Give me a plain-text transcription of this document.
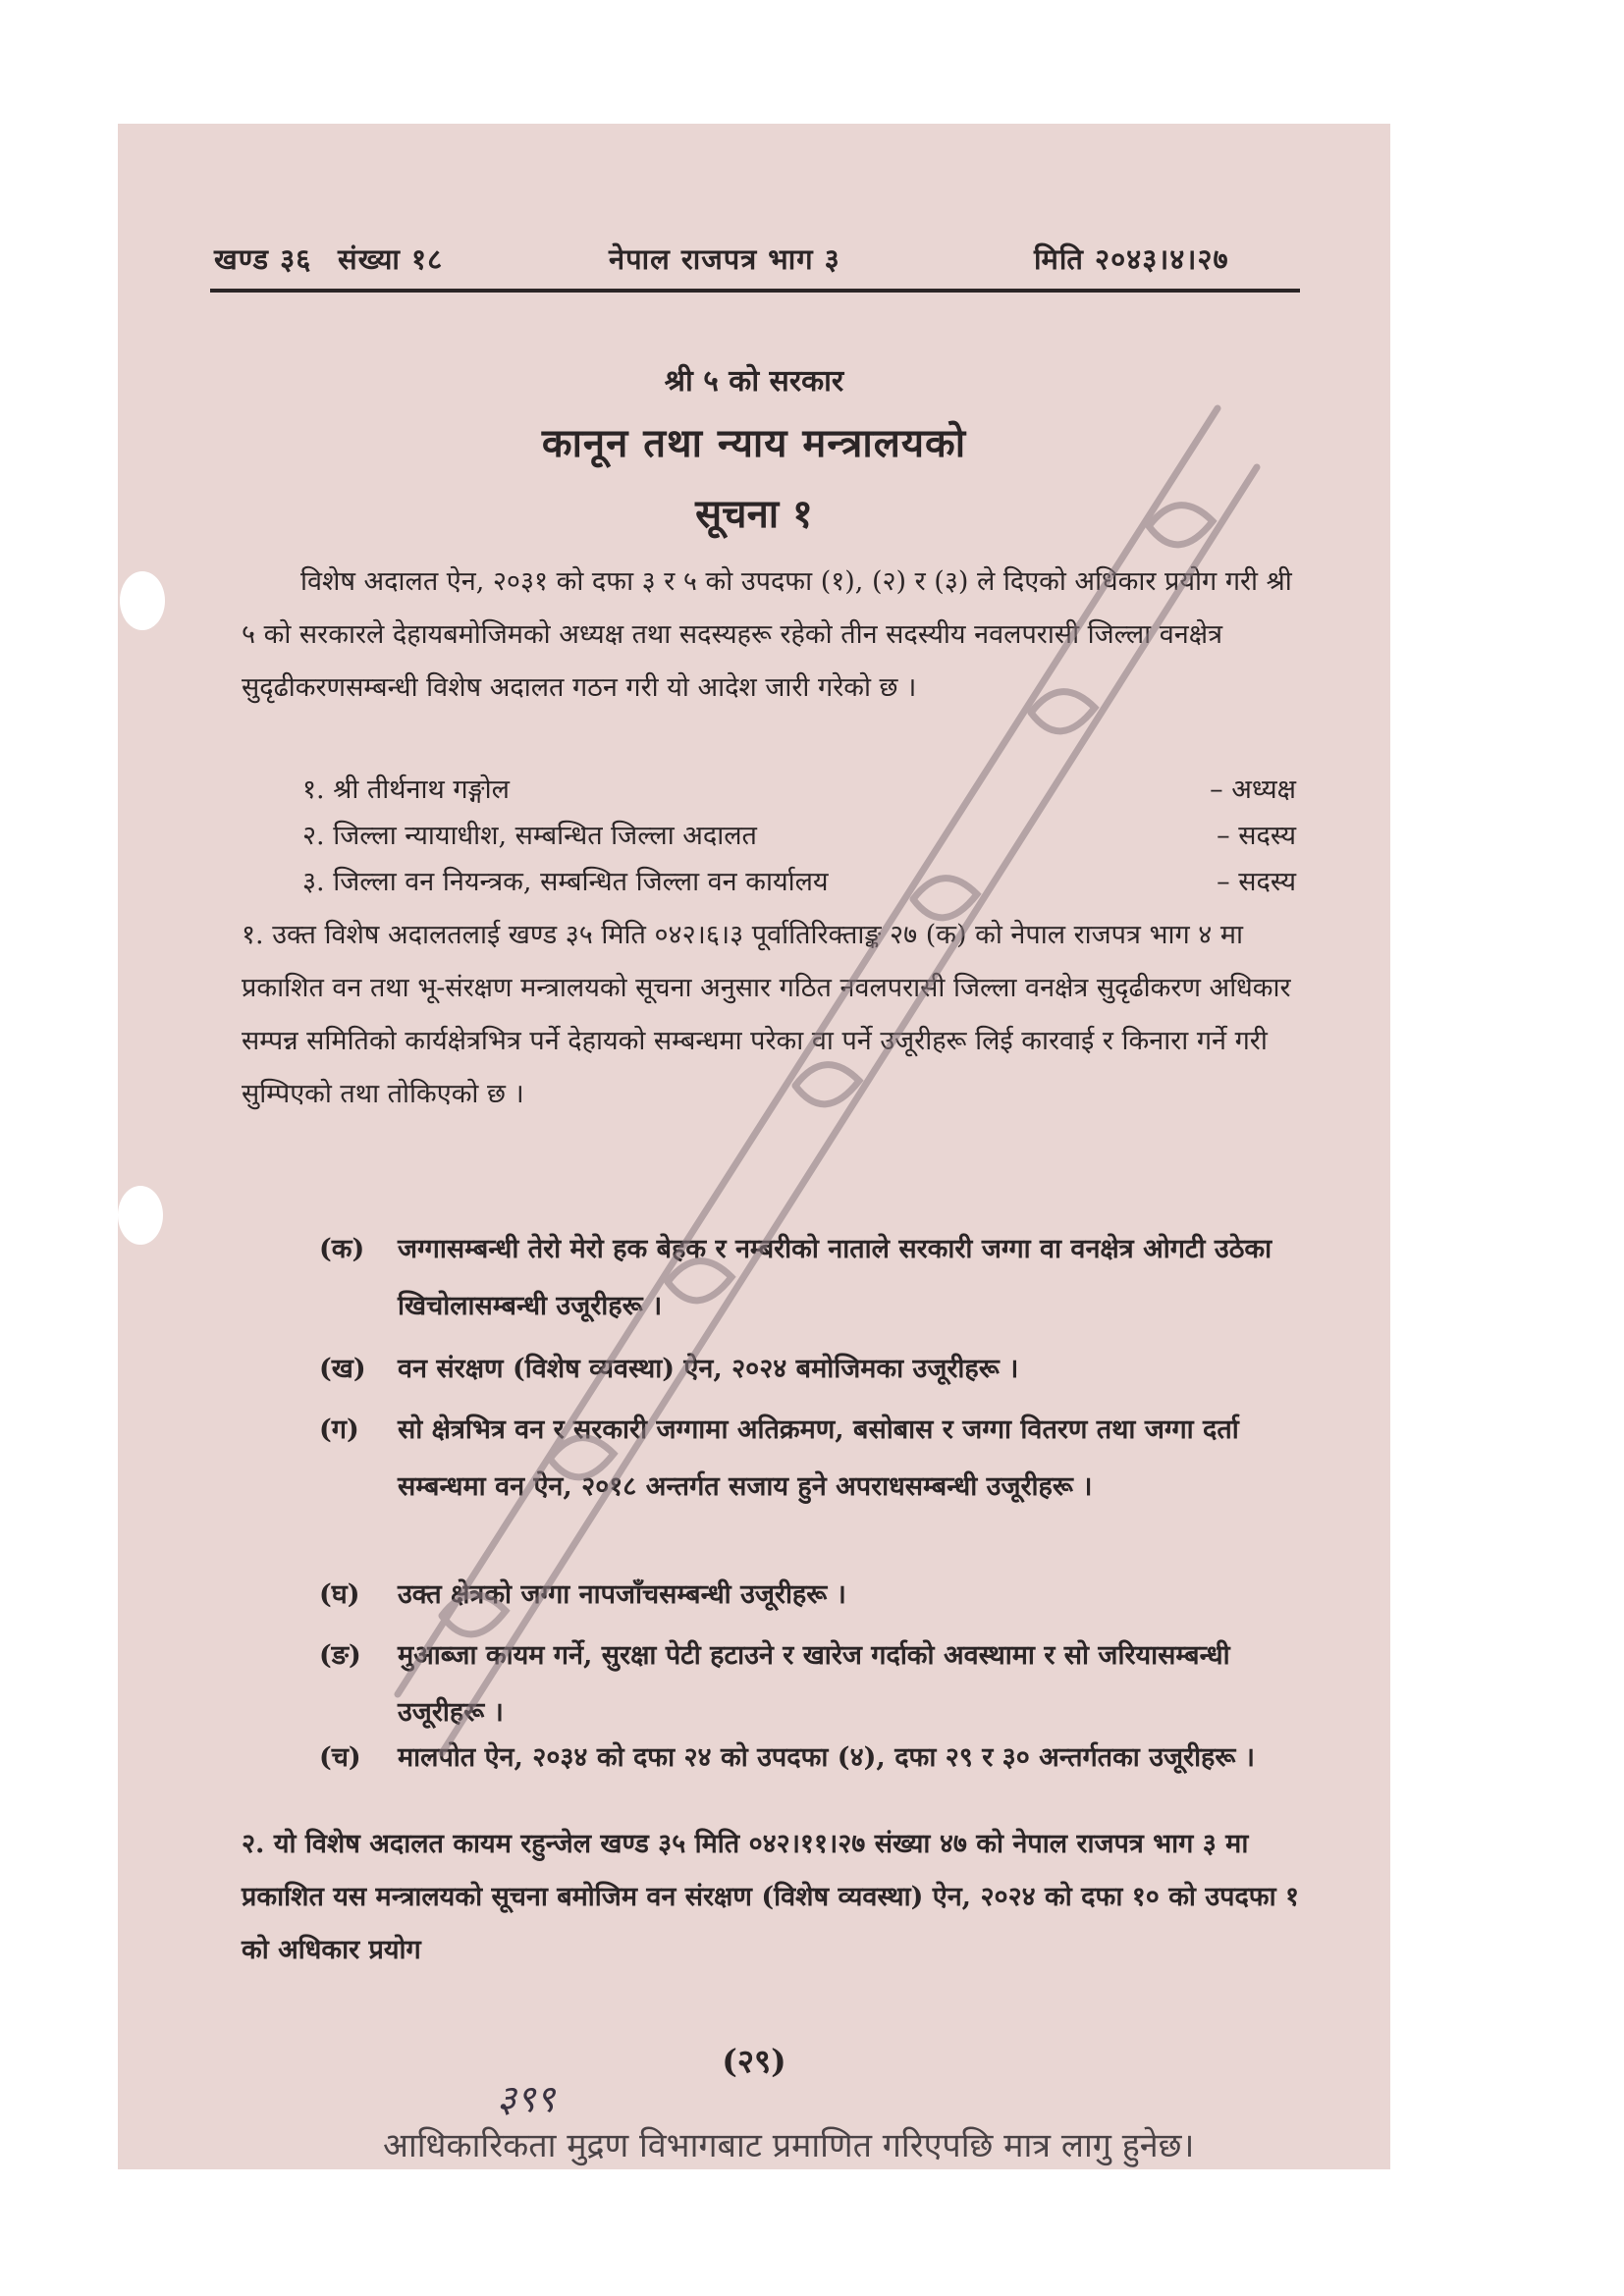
खण्ड ३६ संख्या १८	नेपाल राजपत्र भाग ३	मिति २०४३।४।२७
श्री ५ को सरकार
कानून तथा न्याय मन्त्रालयको
सूचना १
विशेष अदालत ऐन, २०३१ को दफा ३ र ५ को उपदफा (१), (२) र (३) ले दिएको अधिकार प्रयोग गरी श्री ५ को सरकारले देहायबमोजिमको अध्यक्ष तथा सदस्यहरू रहेको तीन सदस्यीय नवलपरासी जिल्ला वनक्षेत्र सुदृढीकरणसम्बन्धी विशेष अदालत गठन गरी यो आदेश जारी गरेको छ ।
१. श्री तीर्थनाथ गङ्गोल	– अध्यक्ष
२. जिल्ला न्यायाधीश, सम्बन्धित जिल्ला अदालत	– सदस्य
३. जिल्ला वन नियन्त्रक, सम्बन्धित जिल्ला वन कार्यालय	– सदस्य
१. उक्त विशेष अदालतलाई खण्ड ३५ मिति ०४२।६।३ पूर्वातिरिक्ताङ्क २७ (क) को नेपाल राजपत्र भाग ४ मा प्रकाशित वन तथा भू-संरक्षण मन्त्रालयको सूचना अनुसार गठित नवलपरासी जिल्ला वनक्षेत्र सुदृढीकरण अधिकार सम्पन्न समितिको कार्यक्षेत्रभित्र पर्ने देहायको सम्बन्धमा परेका वा पर्ने उजूरीहरू लिई कारवाई र किनारा गर्ने गरी सुम्पिएको तथा तोकिएको छ ।
(क) जग्गासम्बन्धी तेरो मेरो हक बेहक र नम्बरीको नाताले सरकारी जग्गा वा वनक्षेत्र ओगटी उठेका खिचोलासम्बन्धी उजूरीहरू ।
(ख) वन संरक्षण (विशेष व्यवस्था) ऐन, २०२४ बमोजिमका उजूरीहरू ।
(ग) सो क्षेत्रभित्र वन र सरकारी जग्गामा अतिक्रमण, बसोबास र जग्गा वितरण तथा जग्गा दर्ता सम्बन्धमा वन ऐन, २०१८ अन्तर्गत सजाय हुने अपराधसम्बन्धी उजूरीहरू ।
(घ) उक्त क्षेत्रको जग्गा नापजाँचसम्बन्धी उजूरीहरू ।
(ङ) मुआब्जा कायम गर्ने, सुरक्षा पेटी हटाउने र खारेज गर्दाको अवस्थामा र सो जरियासम्बन्धी उजूरीहरू ।
(च) मालपोत ऐन, २०३४ को दफा २४ को उपदफा (४), दफा २९ र ३० अन्तर्गतका उजूरीहरू ।
२. यो विशेष अदालत कायम रहुन्जेल खण्ड ३५ मिति ०४२।११।२७ संख्या ४७ को नेपाल राजपत्र भाग ३ मा प्रकाशित यस मन्त्रालयको सूचना बमोजिम वन संरक्षण (विशेष व्यवस्था) ऐन, २०२४ को दफा १० को उपदफा १ को अधिकार प्रयोग
(२९)
३९९
आधिकारिकता मुद्रण विभागबाट प्रमाणित गरिएपछि मात्र लागु हुनेछ।
